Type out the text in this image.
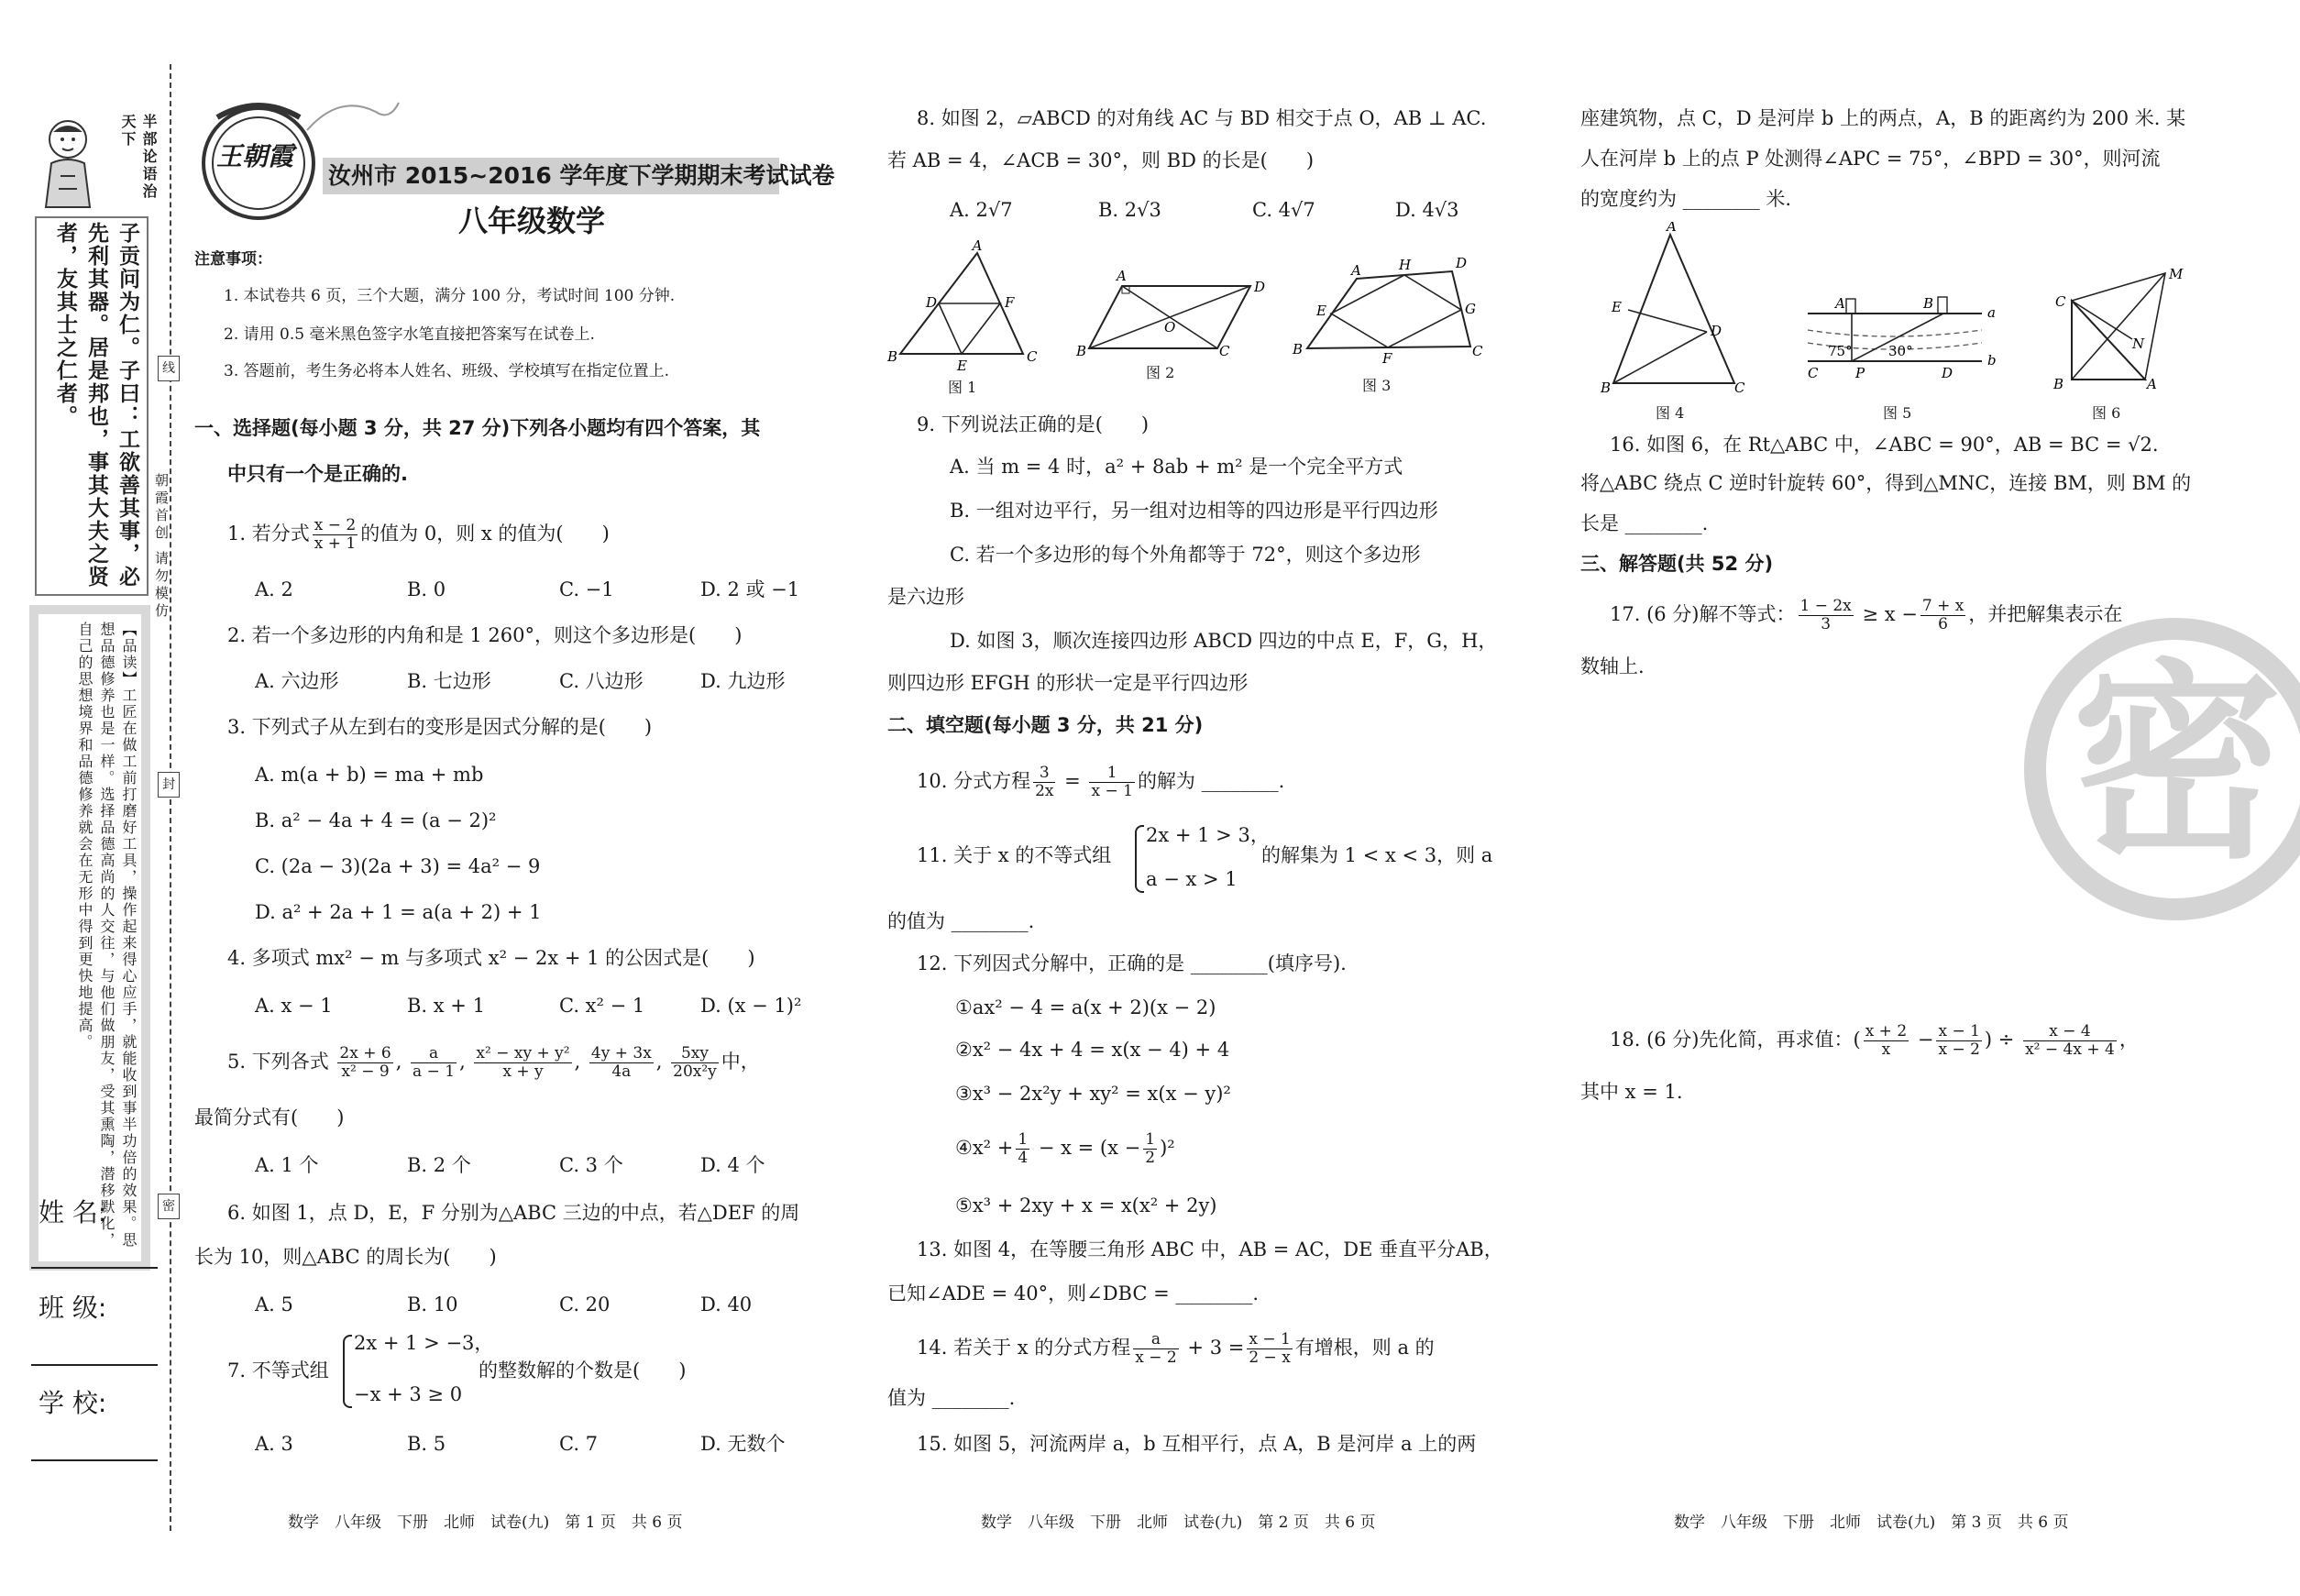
半部论语治天下
子贡问为仁。子曰：工欲善其事，必先利其器。居是邦也，事其大夫之贤者，友其士之仁者。
【品读】工匠在做工前打磨好工具，操作起来得心应手，就能收到事半功倍的效果。思想品德修养也是一样。选择品德高尚的人交往，与他们做朋友，受其熏陶，潜移默化，自己的思想境界和品德修养就会在无形中得到更快地提高。
姓 名:
班 级:
学 校:
线
封
密
朝霞首创 请勿模仿
王朝霞
汝州市 2015~2016 学年度下学期期末考试试卷
八年级数学
注意事项：
1. 本试卷共 6 页，三个大题，满分 100 分，考试时间 100 分钟.
2. 请用 0.5 毫米黑色签字水笔直接把答案写在试卷上.
3. 答题前，考生务必将本人姓名、班级、学校填写在指定位置上.
一、选择题(每小题 3 分，共 27 分)下列各小题均有四个答案，其
中只有一个是正确的.
1. 若分式 $\frac{x - 2}{x + 1}$ 的值为 0，则 x 的值为(　　)
A. 2	B. 0	C. −1	D. 2 或 −1
2. 若一个多边形的内角和是 1 260°，则这个多边形是(　　)
A. 六边形	B. 七边形	C. 八边形	D. 九边形
3. 下列式子从左到右的变形是因式分解的是(　　)
A. m(a + b) = ma + mb
B. a² − 4a + 4 = (a − 2)²
C. (2a − 3)(2a + 3) = 4a² − 9
D. a² + 2a + 1 = a(a + 2) + 1
4. 多项式 mx² − m 与多项式 x² − 2x + 1 的公因式是(　　)
A. x − 1	B. x + 1	C. x² − 1	D. (x − 1)²
5. 下列各式 $\frac{2x + 6}{\text{x² − 9}}$ , $\frac{a}{a - 1}$ , $\frac{\text{x² − xy + y²}}{x + y}$ , $\frac{4y + 3x}{4a}$ , $\frac{5xy}{\text{20x²y}}$ 中，
最简分式有(　　)
A. 1 个	B. 2 个	C. 3 个	D. 4 个
6. 如图 1，点 D，E，F 分别为△ABC 三边的中点，若△DEF 的周
长为 10，则△ABC 的周长为(　　)
A. 5	B. 10	C. 20	D. 40
7. 不等式组
2x + 1 > −3，
−x + 3 ≥ 0
的整数解的个数是(　　)
A. 3	B. 5	C. 7	D. 无数个
数学　八年级　下册　北师　试卷(九)　第 1 页　共 6 页
8. 如图 2，▱ABCD 的对角线 AC 与 BD 相交于点 O，AB ⊥ AC.
若 AB = 4，∠ACB = 30°，则 BD 的长是(　　)
A. 2√7	B. 2√3	C. 4√7	D. 4√3
A
D	F
B
E
C
图 1
A
D
B	C
O
图 2
A	H	D
E	G
B
F	C
图 3
9. 下列说法正确的是(　　)
A. 当 m = 4 时，a² + 8ab + m² 是一个完全平方式
B. 一组对边平行，另一组对边相等的四边形是平行四边形
C. 若一个多边形的每个外角都等于 72°，则这个多边形
是六边形
D. 如图 3，顺次连接四边形 ABCD 四边的中点 E，F，G，H，
则四边形 EFGH 的形状一定是平行四边形
二、填空题(每小题 3 分，共 21 分)
10. 分式方程 $\frac{3}{2x} = \frac{1}{x - 1}$ 的解为 ________.
11. 关于 x 的不等式组
2x + 1 > 3，
a − x > 1
的解集为 1 < x < 3，则 a
的值为 ________.
12. 下列因式分解中，正确的是 ________(填序号).
①ax² − 4 = a(x + 2)(x − 2)
②x² − 4x + 4 = x(x − 4) + 4
③x³ − 2x²y + xy² = x(x − y)²
④x² + $\frac{1}{4} - x = (x - \frac{1}{2} )^2$
⑤x³ + 2xy + x = x(x² + 2y)
13. 如图 4，在等腰三角形 ABC 中，AB = AC，DE 垂直平分AB，
已知∠ADE = 40°，则∠DBC = ________.
14. 若关于 x 的分式方程 $\frac{a}{x - 2} + 3 = \frac{x - 1}{2 - x}$ 有增根，则 a 的
值为 ________.
15. 如图 5，河流两岸 a，b 互相平行，点 A，B 是河岸 a 上的两
数学　八年级　下册　北师　试卷(九)　第 2 页　共 6 页
座建筑物，点 C，D 是河岸 b 上的两点，A，B 的距离约为 200 米. 某
人在河岸 b 上的点 P 处测得∠APC = 75°，∠BPD = 30°，则河流
的宽度约为 ________ 米.
A
E
D
B	C
图 4
A	B
a
b
75°	30°
C	P	D
图 5
C
M
N
B	A
图 6
16. 如图 6，在 Rt△ABC 中，∠ABC = 90°，AB = BC = √2.
将△ABC 绕点 C 逆时针旋转 60°，得到△MNC，连接 BM，则 BM 的
长是 ________.
三、解答题(共 52 分)
密
17. (6 分)解不等式： $\frac{1 - 2x}{3} \ge x - \frac{7 + x}{6}$ ，并把解集表示在
数轴上.
18. (6 分)先化简，再求值：( $\frac{x + 2}{x} - \frac{x - 1}{x - 2}$ ) ÷ $\frac{x - 4}{\text{x² − 4x + 4}}$ ，
其中 x = 1.
数学　八年级　下册　北师　试卷(九)　第 3 页　共 6 页
